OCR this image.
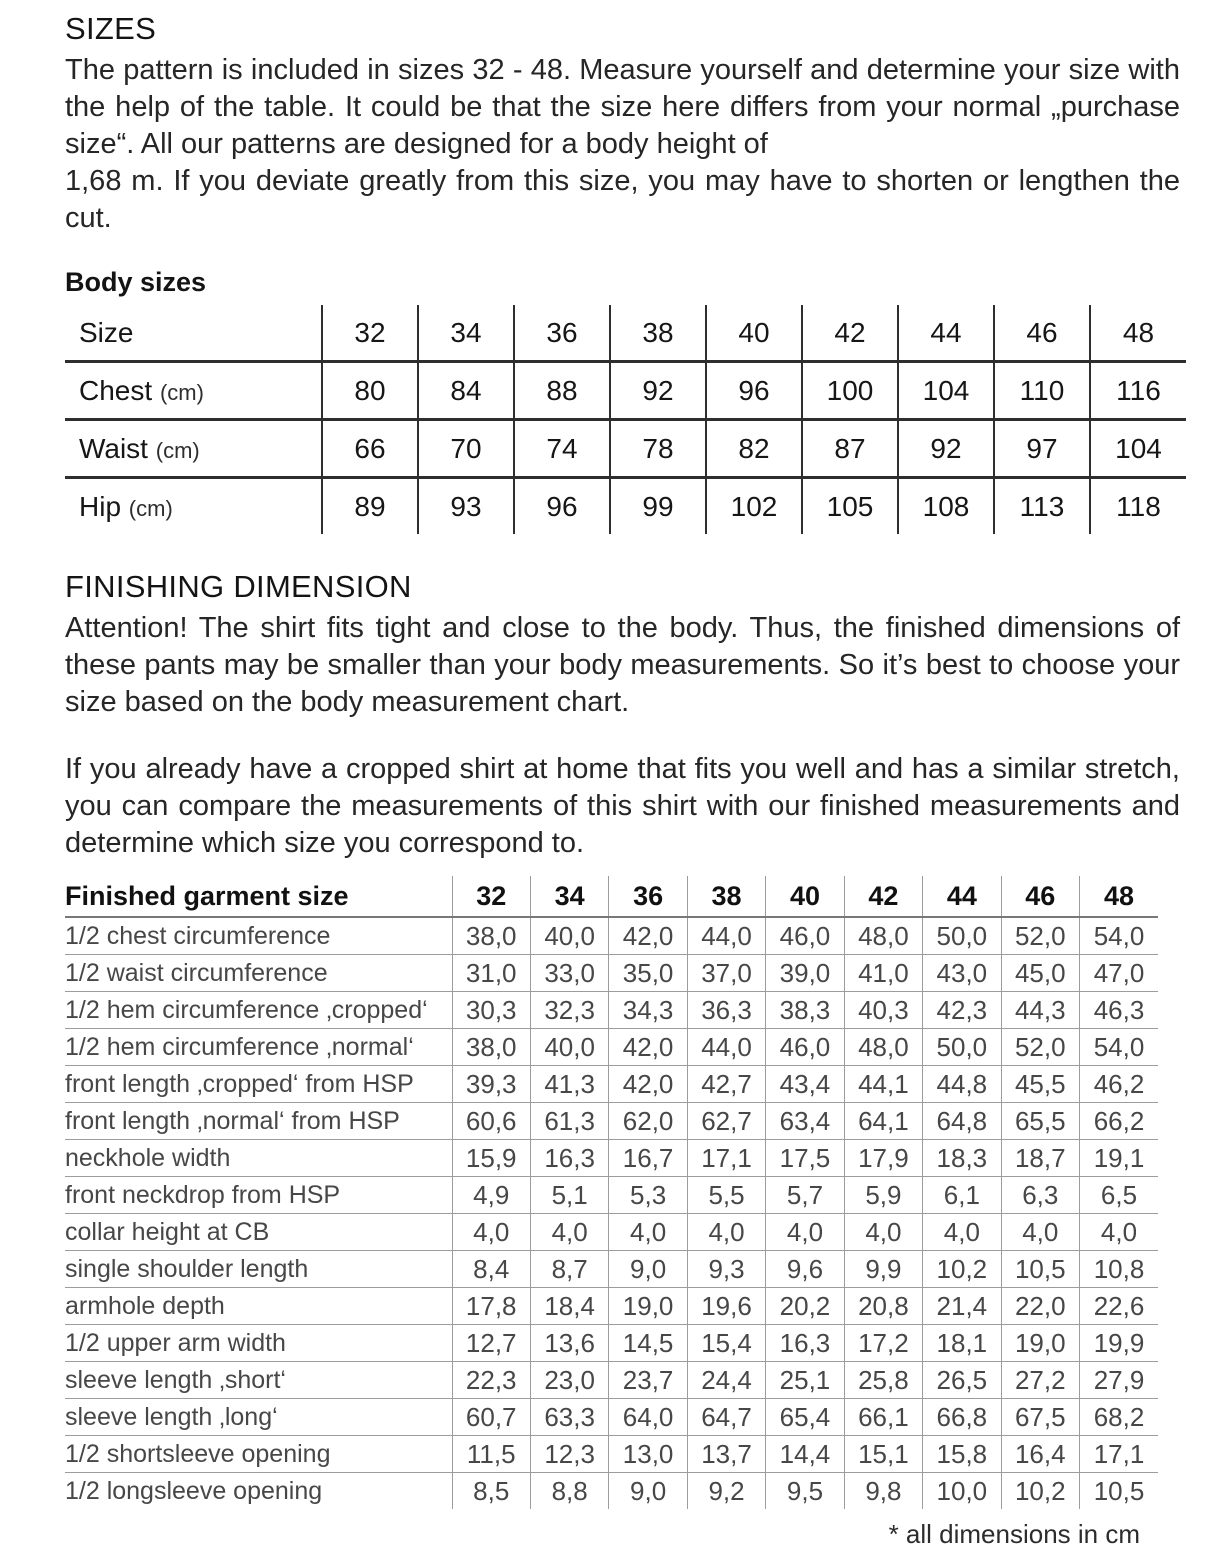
SIZES

The pattern is included in sizes 32 - 48. Measure yourself and determine your size with the help of the table. It could be that the size here differs from your normal „purchase size“. All our patterns are designed for a body height of
1,68 m. If you deviate greatly from this size, you may have to shorten or lengthen the cut.

Body sizes
Size	32	34	36	38	40	42	44	46	48
Chest (cm)	80	84	88	92	96	100	104	110	116
Waist (cm)	66	70	74	78	82	87	92	97	104
Hip (cm)	89	93	96	99	102	105	108	113	118
FINISHING DIMENSION

Attention! The shirt fits tight and close to the body. Thus, the finished dimensions of these pants may be smaller than your body measurements. So it’s best to choose your size based on the body measurement chart.

If you already have a cropped shirt at home that fits you well and has a similar stretch, you can compare the measurements of this shirt with our finished measurements and determine which size you correspond to.

Finished garment size	32	34	36	38	40	42	44	46	48
1/2 chest circumference	38,0	40,0	42,0	44,0	46,0	48,0	50,0	52,0	54,0
1/2 waist circumference	31,0	33,0	35,0	37,0	39,0	41,0	43,0	45,0	47,0
1/2 hem circumference ‚cropped‘	30,3	32,3	34,3	36,3	38,3	40,3	42,3	44,3	46,3
1/2 hem circumference ‚normal‘	38,0	40,0	42,0	44,0	46,0	48,0	50,0	52,0	54,0
front length ‚cropped‘ from HSP	39,3	41,3	42,0	42,7	43,4	44,1	44,8	45,5	46,2
front length ‚normal‘ from HSP	60,6	61,3	62,0	62,7	63,4	64,1	64,8	65,5	66,2
neckhole width	15,9	16,3	16,7	17,1	17,5	17,9	18,3	18,7	19,1
front neckdrop from HSP	4,9	5,1	5,3	5,5	5,7	5,9	6,1	6,3	6,5
collar height at CB	4,0	4,0	4,0	4,0	4,0	4,0	4,0	4,0	4,0
single shoulder length	8,4	8,7	9,0	9,3	9,6	9,9	10,2	10,5	10,8
armhole depth	17,8	18,4	19,0	19,6	20,2	20,8	21,4	22,0	22,6
1/2 upper arm width	12,7	13,6	14,5	15,4	16,3	17,2	18,1	19,0	19,9
sleeve length ‚short‘	22,3	23,0	23,7	24,4	25,1	25,8	26,5	27,2	27,9
sleeve length ‚long‘	60,7	63,3	64,0	64,7	65,4	66,1	66,8	67,5	68,2
1/2 shortsleeve opening	11,5	12,3	13,0	13,7	14,4	15,1	15,8	16,4	17,1
1/2 longsleeve opening	8,5	8,8	9,0	9,2	9,5	9,8	10,0	10,2	10,5
* all dimensions in cm
